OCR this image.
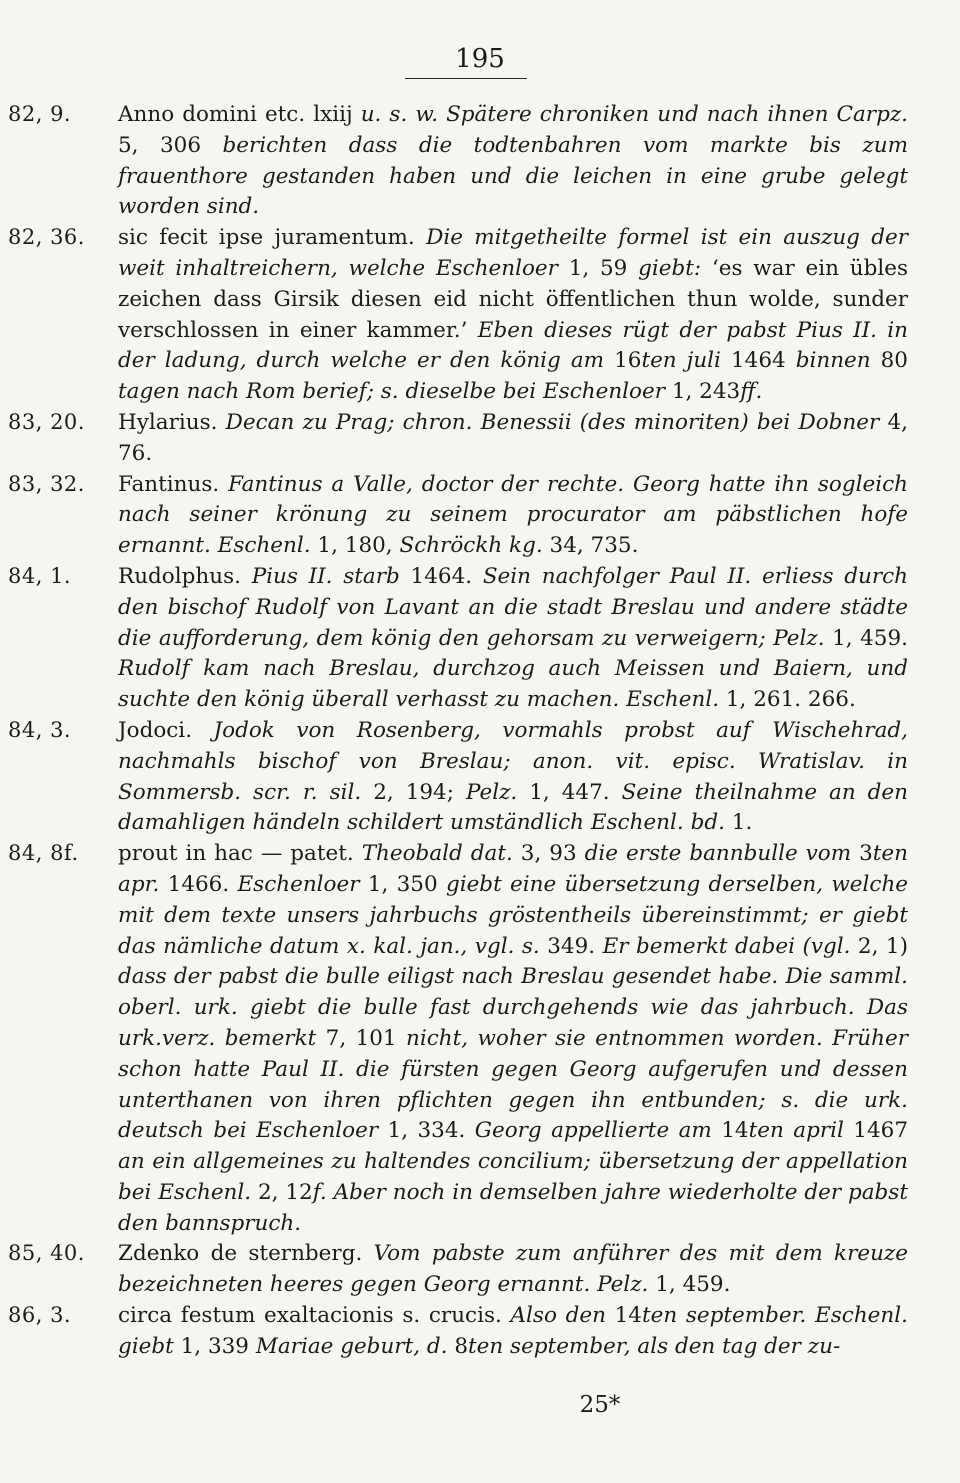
195
82, 9.	Anno domini etc. lxiij u. s. w. Spätere chroniken und nach ihnen Carpz. 5, 306 berichten dass die todtenbahren vom markte bis zum frauenthore gestanden haben und die leichen in eine grube gelegt worden sind.
82, 36.	sic fecit ipse juramentum. Die mitgetheilte formel ist ein auszug der weit inhaltreichern, welche Eschenloer 1, 59 giebt: ‘es war ein übles zeichen dass Girsik diesen eid nicht öffentlichen thun wolde, sunder verschlossen in einer kammer.’ Eben dieses rügt der pabst Pius II. in der ladung, durch welche er den könig am 16ten juli 1464 binnen 80 tagen nach Rom berief; s. dieselbe bei Eschenloer 1, 243ff.
83, 20.	Hylarius. Decan zu Prag; chron. Benessii (des minoriten) bei Dobner 4, 76.
83, 32.	Fantinus. Fantinus a Valle, doctor der rechte. Georg hatte ihn sogleich nach seiner krönung zu seinem procurator am päbstlichen hofe ernannt. Eschenl. 1, 180, Schröckh kg. 34, 735.
84, 1.	Rudolphus. Pius II. starb 1464. Sein nachfolger Paul II. erliess durch den bischof Rudolf von Lavant an die stadt Breslau und andere städte die aufforderung, dem könig den gehorsam zu verweigern; Pelz. 1, 459. Rudolf kam nach Breslau, durchzog auch Meissen und Baiern, und suchte den könig überall verhasst zu machen. Eschenl. 1, 261. 266.
84, 3.	Jodoci. Jodok von Rosenberg, vormahls probst auf Wischehrad, nachmahls bischof von Breslau; anon. vit. episc. Wratislav. in Sommersb. scr. r. sil. 2, 194; Pelz. 1, 447. Seine theilnahme an den damahligen händeln schildert umständlich Eschenl. bd. 1.
84, 8f.	prout in hac — patet. Theobald dat. 3, 93 die erste bannbulle vom 3ten apr. 1466. Eschenloer 1, 350 giebt eine übersetzung derselben, welche mit dem texte unsers jahrbuchs gröstentheils übereinstimmt; er giebt das nämliche datum x. kal. jan., vgl. s. 349. Er bemerkt dabei (vgl. 2, 1) dass der pabst die bulle eiligst nach Breslau gesendet habe. Die samml. oberl. urk. giebt die bulle fast durchgehends wie das jahrbuch. Das urk.verz. bemerkt 7, 101 nicht, woher sie entnommen worden. Früher schon hatte Paul II. die fürsten gegen Georg aufgerufen und dessen unterthanen von ihren pflichten gegen ihn entbunden; s. die urk. deutsch bei Eschenloer 1, 334. Georg appellierte am 14ten april 1467 an ein allgemeines zu haltendes concilium; übersetzung der appellation bei Eschenl. 2, 12f. Aber noch in demselben jahre wiederholte der pabst den bannspruch.
85, 40.	Zdenko de sternberg. Vom pabste zum anführer des mit dem kreuze bezeichneten heeres gegen Georg ernannt. Pelz. 1, 459.
86, 3.	circa festum exaltacionis s. crucis. Also den 14ten september. Eschenl. giebt 1, 339 Mariae geburt, d. 8ten september, als den tag der zu-
25*
